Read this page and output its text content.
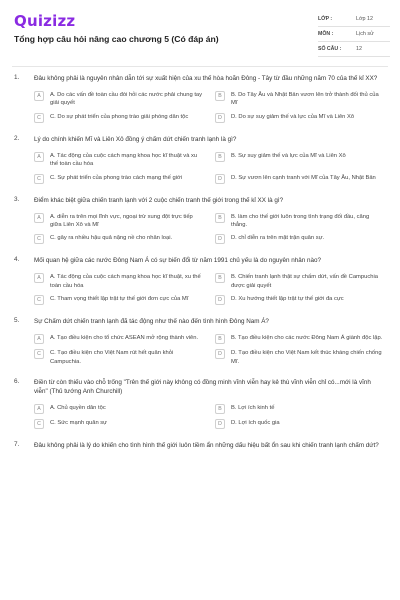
Quizizz
Tổng hợp câu hỏi nâng cao chương 5 (Có đáp án)
LỚP :	Lớp 12
MÔN :	Lịch sử
SỐ CÂU :	12
1. Đâu không phải là nguyên nhân dẫn tới sự xuất hiện của xu thế hòa hoãn Đông - Tây từ đầu những năm 70 của thế kỉ XX?
A	A. Do các vấn đề toàn cầu đòi hỏi các nước phải chung tay giải quyết
B	B. Do Tây Âu và Nhật Bản vươn lên trở thành đối thủ của Mĩ
C	C. Do sự phát triển của phong trào giải phóng dân tộc	D	D. Do sự suy giảm thế và lực của Mĩ và Liên Xô
2. Lý do chính khiến Mĩ và Liên Xô đồng ý chấm dứt chiến tranh lạnh là gì?
A	A. Tác động của cuộc cách mạng khoa học kĩ thuật và xu thế toàn cầu hóa
B	B. Sự suy giảm thế và lực của Mĩ và Liên Xô
C	C. Sự phát triển của phong trào cách mạng thế giới	D	D. Sự vươn lên cạnh tranh với Mĩ của Tây Âu, Nhật Bản
3. Điểm khác biệt giữa chiến tranh lạnh với 2 cuộc chiến tranh thế giới trong thế kỉ XX là gì?
A	A. diễn ra trên mọi lĩnh vực, ngoại trừ xung đột trực tiếp giữa Liên Xô và Mĩ
B	B. làm cho thế giới luôn trong tình trạng đối đầu, căng thẳng.
C	C. gây ra nhiều hậu quả nặng nề cho nhân loại.	D	D. chỉ diễn ra trên mặt trận quân sự.
4. Mối quan hệ giữa các nước Đông Nam Á có sự biến đổi từ năm 1991 chủ yếu là do nguyên nhân nào?
A	A. Tác động của cuộc cách mạng khoa học kĩ thuật, xu thế toàn cầu hóa
B	B. Chiến tranh lạnh thật sự chấm dứt, vấn đề Campuchia được giải quyết
C	C. Tham vọng thiết lập trật tự thế giới đơn cực của Mĩ	D	D. Xu hướng thiết lập trật tự thế giới đa cực
5. Sự Chấm dứt chiến tranh lạnh đã tác động như thế nào đến tình hình Đông Nam Á?
A	A. Tạo điều kiện cho tổ chức ASEAN mở rộng thành viên.	B	B. Tạo điều kiện cho các nước Đông Nam Á giành độc lập.
C	C. Tạo điều kiện cho Việt Nam rút hết quân khỏi Campuchia.
D	D. Tạo điều kiện cho Việt Nam kết thúc kháng chiến chống Mĩ.
6. Điền từ còn thiếu vào chỗ trống "Trên thế giới này không có đồng minh vĩnh viễn hay kẻ thù vĩnh viễn chỉ có...mới là vĩnh viễn" (Thủ tướng Anh Churchill)
A	A. Chủ quyền dân tộc	B	B. Lợi ích kinh tế
C	C. Sức mạnh quân sự	D	D. Lợi ích quốc gia
7. Đâu không phải là lý do khiến cho tình hình thế giới luôn tiềm ẩn những dấu hiệu bất ổn sau khi chiến tranh lạnh chấm dứt?
